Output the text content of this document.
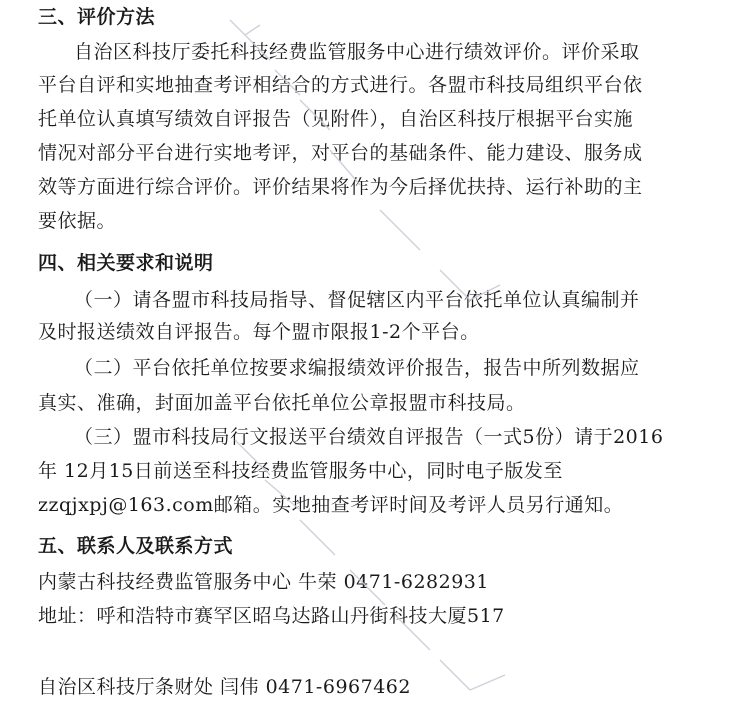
三、评价方法
自治区科技厅委托科技经费监管服务中心进行绩效评价。评价采取
平台自评和实地抽查考评相结合的方式进行。各盟市科技局组织平台依
托单位认真填写绩效自评报告（见附件），自治区科技厅根据平台实施
情况对部分平台进行实地考评，对平台的基础条件、能力建设、服务成
效等方面进行综合评价。评价结果将作为今后择优扶持、运行补助的主
要依据。
四、相关要求和说明
（一）请各盟市科技局指导、督促辖区内平台依托单位认真编制并
及时报送绩效自评报告。每个盟市限报1-2个平台。
（二）平台依托单位按要求编报绩效评价报告，报告中所列数据应
真实、准确，封面加盖平台依托单位公章报盟市科技局。
（三）盟市科技局行文报送平台绩效自评报告（一式5份）请于2016
年 12月15日前送至科技经费监管服务中心，同时电子版发至
zzqjxpj@163.com邮箱。实地抽查考评时间及考评人员另行通知。
五、联系人及联系方式
内蒙古科技经费监管服务中心 牛荣 0471-6282931
地址：呼和浩特市赛罕区昭乌达路山丹街科技大厦517
自治区科技厅条财处 闫伟 0471-6967462
